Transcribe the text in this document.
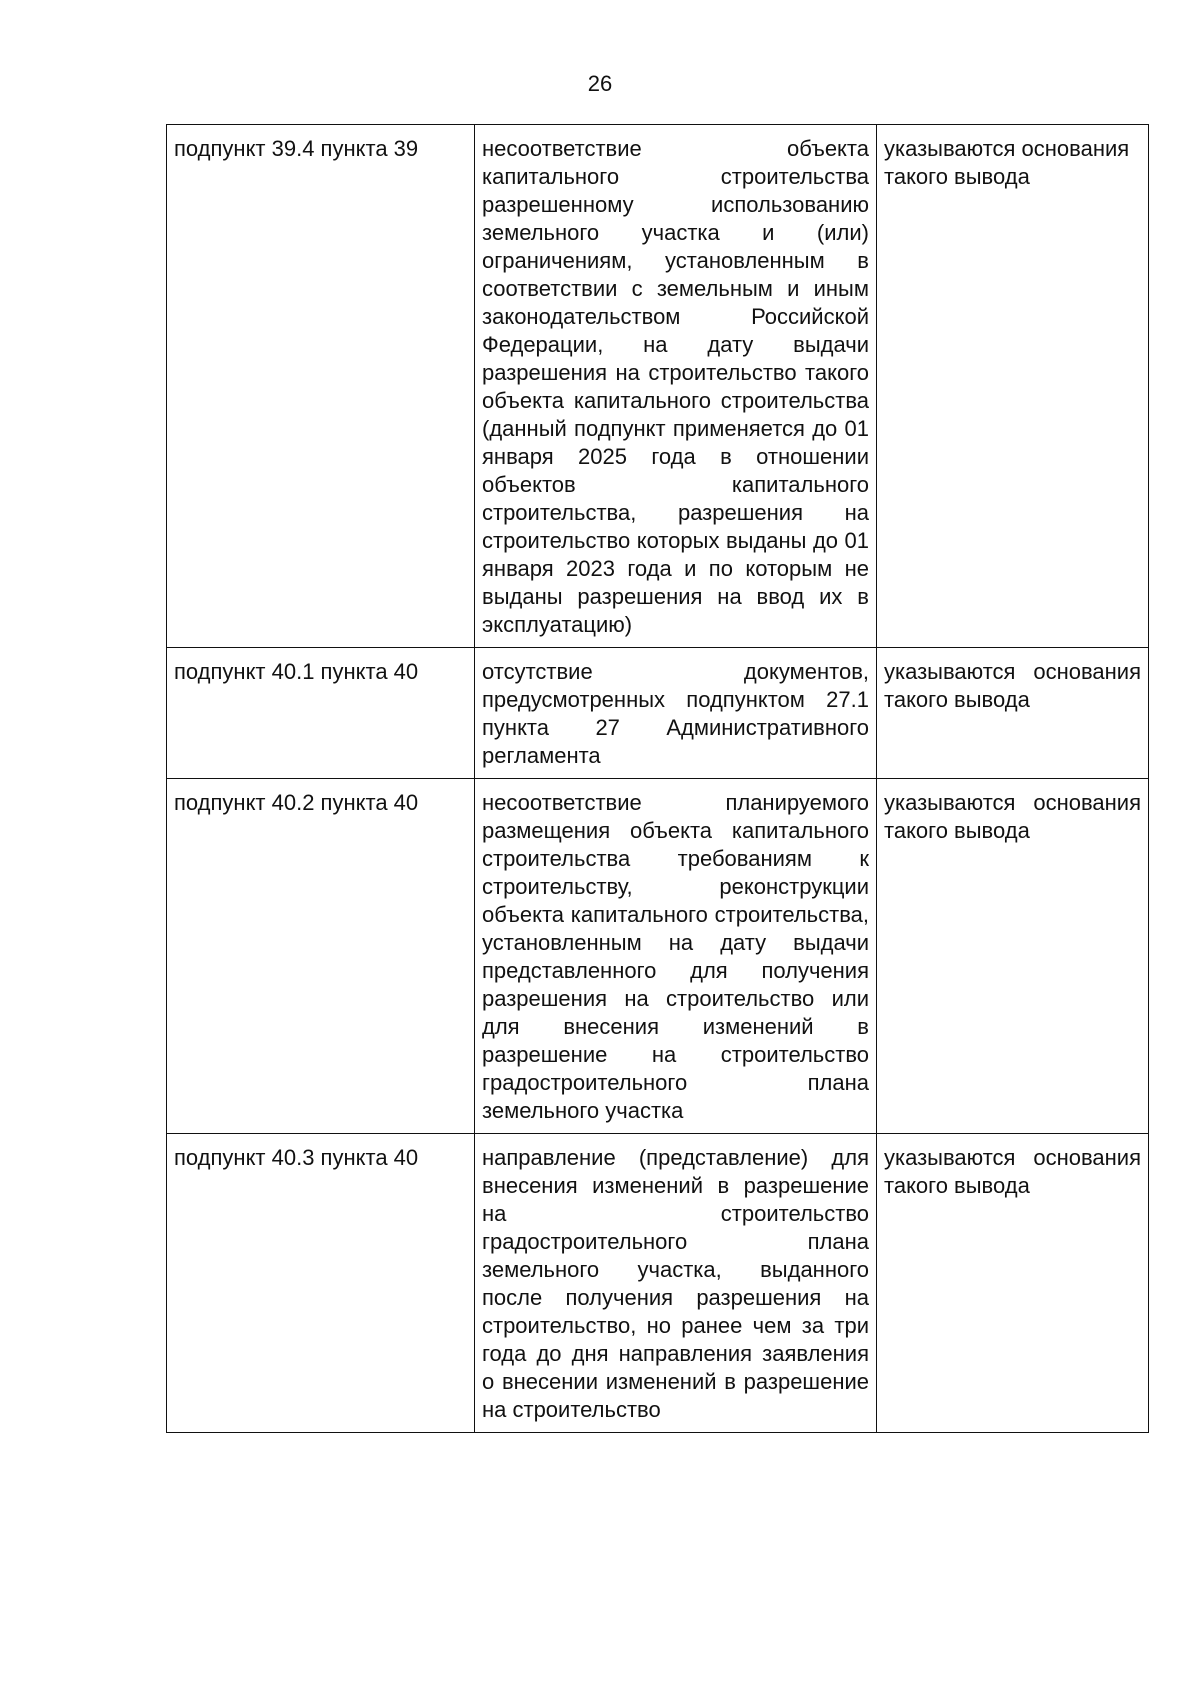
26
подпункт 39.4 пункта 39	несоответствие объекта капитального строительства разрешенному использованию земельного участка и (или) ограничениям, установленным в соответствии с земельным и иным законодательством Российской Федерации, на дату выдачи разрешения на строительство такого объекта капитального строительства (данный подпункт применяется до 01 января 2025 года в отношении объектов капитального строительства, разрешения на строительство которых выданы до 01 января 2023 года и по которым не выданы разрешения на ввод их в эксплуатацию)	указываются основания такого вывода
подпункт 40.1 пункта 40	отсутствие документов, предусмотренных подпунктом 27.1 пункта 27 Административного регламента	указываются основания такого вывода
подпункт 40.2 пункта 40	несоответствие планируемого размещения объекта капитального строительства требованиям к строительству, реконструкции объекта капитального строительства, установленным на дату выдачи представленного для получения разрешения на строительство или для внесения изменений в разрешение на строительство градостроительного плана земельного участка	указываются основания такого вывода
подпункт 40.3 пункта 40	направление (представление) для внесения изменений в разрешение на строительство градостроительного плана земельного участка, выданного после получения разрешения на строительство, но ранее чем за три года до дня направления заявления о внесении изменений в разрешение на строительство	указываются основания такого вывода
